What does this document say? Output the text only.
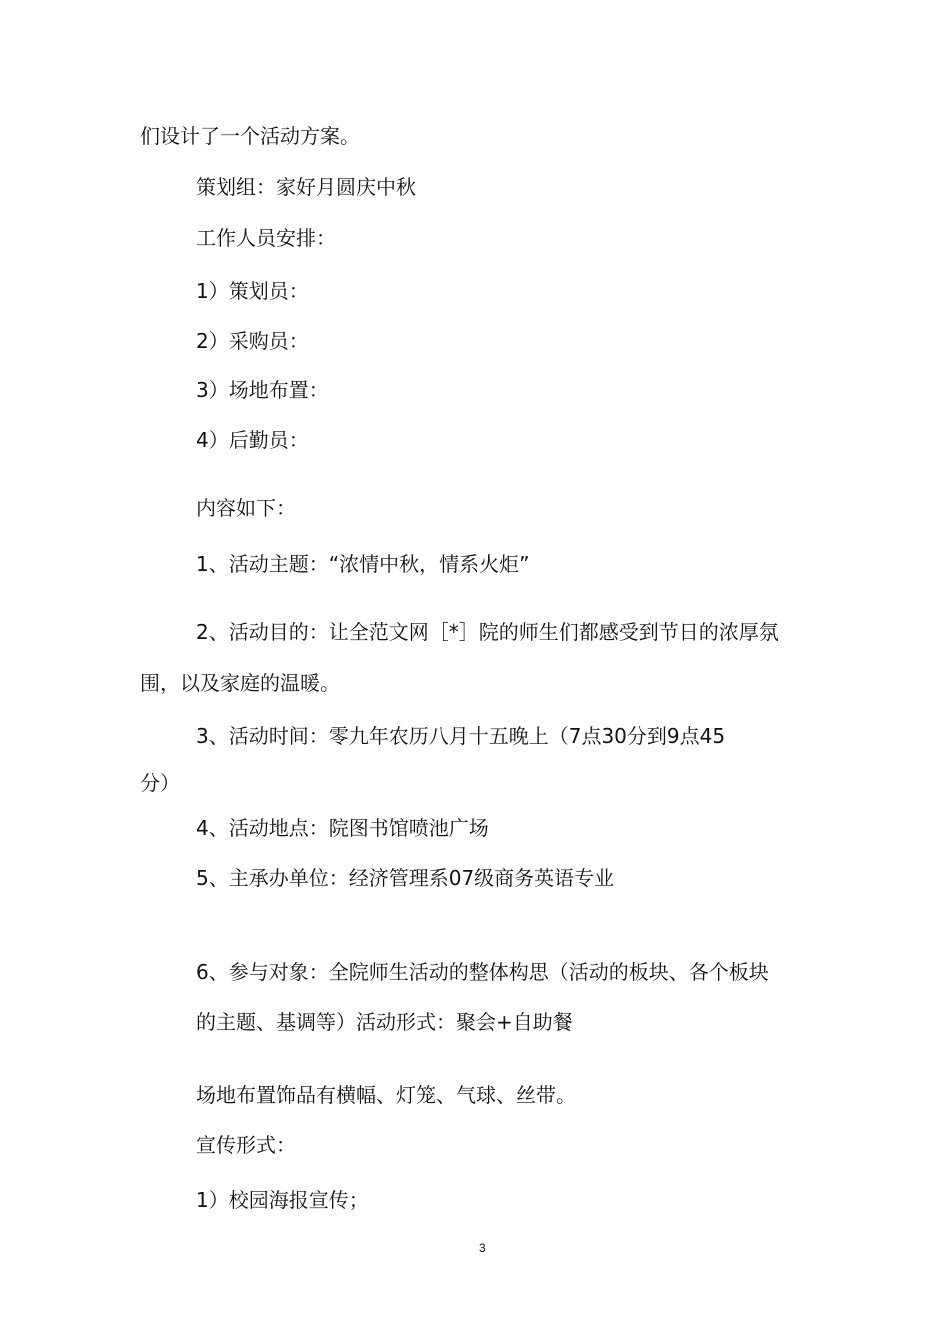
们设计了一个活动方案。
策划组：家好月圆庆中秋
工作人员安排：
1）策划员：
2）采购员：
3）场地布置：
4）后勤员：
内容如下：
1、活动主题：“浓情中秋，情系火炬”
2、活动目的：让全范文网［*］院的师生们都感受到节日的浓厚氛
围，以及家庭的温暖。
3、活动时间：零九年农历八月十五晚上（7点30分到9点45
分）
4、活动地点：院图书馆喷池广场
5、主承办单位：经济管理系07级商务英语专业
6、参与对象：全院师生活动的整体构思（活动的板块、各个板块
的主题、基调等）活动形式：聚会+自助餐
场地布置饰品有横幅、灯笼、气球、丝带。
宣传形式：
1）校园海报宣传；
3
